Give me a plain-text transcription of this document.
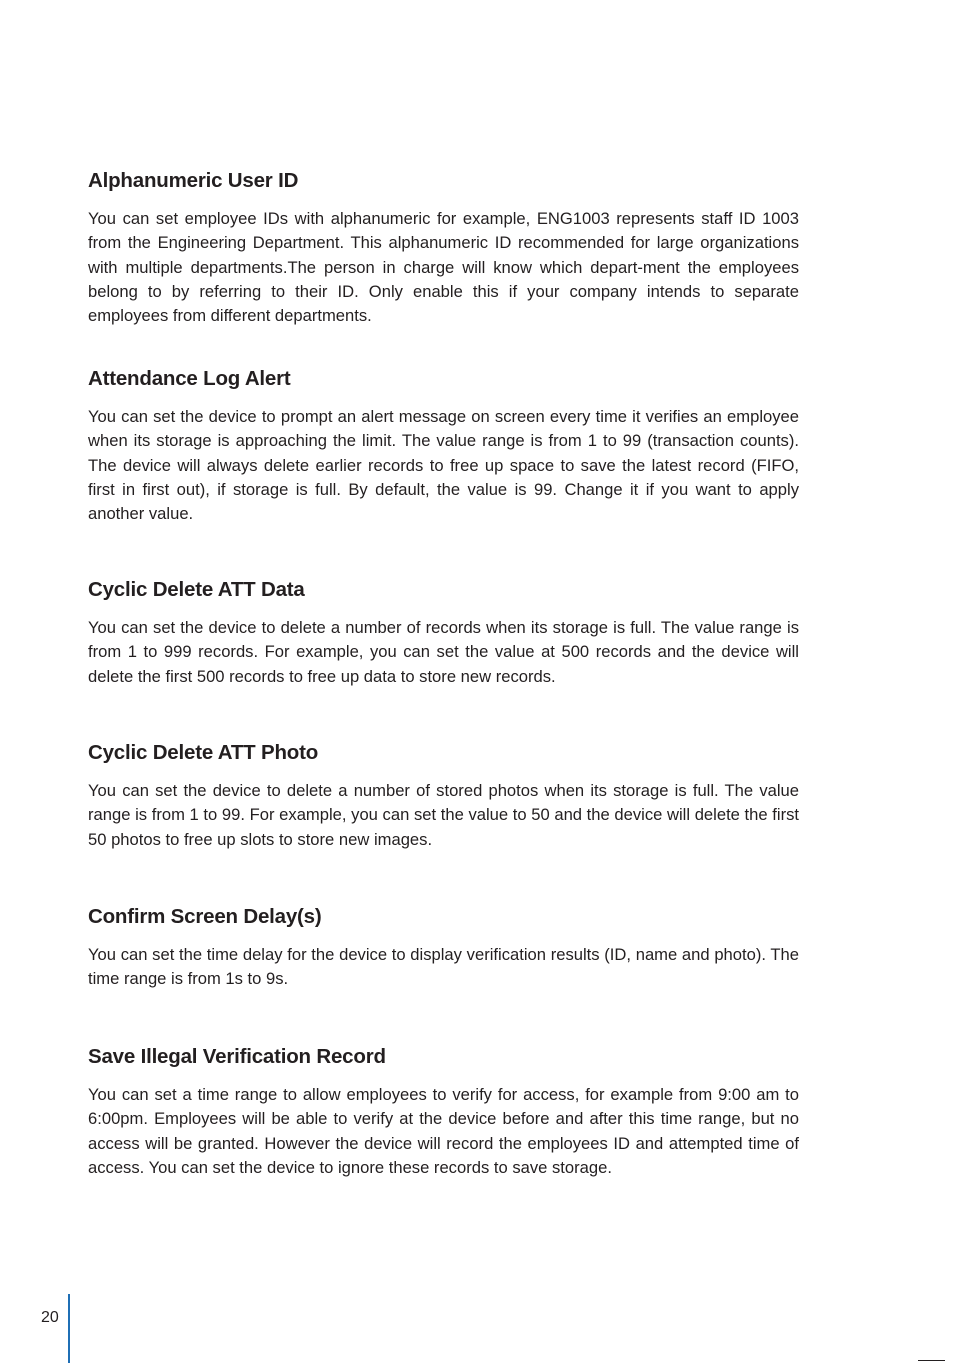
Alphanumeric User ID

You can set employee IDs with alphanumeric for example, ENG1003 represents staff ID 1003 from the Engineering Department. This alphanumeric ID recommended for large organizations with multiple departments.The person in charge will know which depart-ment the employees belong to by referring to their ID. Only enable this if your company intends to separate employees from different departments.

Attendance Log Alert

You can set the device to prompt an alert message on screen every time it verifies an employee when its storage is approaching the limit. The value range is from 1 to 99 (transaction counts). The device will always delete earlier records to free up space to save the latest record (FIFO, first in first out), if storage is full. By default, the value is 99. Change it if you want to apply another value.

Cyclic Delete ATT Data

You can set the device to delete a number of records when its storage is full. The value range is from 1 to 999 records. For example, you can set the value at 500 records and the device will delete the first 500 records to free up data to store new records.

Cyclic Delete ATT Photo

You can set the device to delete a number of stored photos when its storage is full. The value range is from 1 to 99. For example, you can set the value to 50 and the device will delete the first 50 photos to free up slots to store new images.

Confirm Screen Delay(s)

You can set the time delay for the device to display verification results (ID, name and photo). The time range is from 1s to 9s.

Save Illegal Verification Record

You can set a time range to allow employees to verify for access, for example from 9:00 am to 6:00pm. Employees will be able to verify at the device before and after this time range, but no access will be granted. However the device will record the employees ID and attempted time of access. You can set the device to ignore these records to save storage.

20
